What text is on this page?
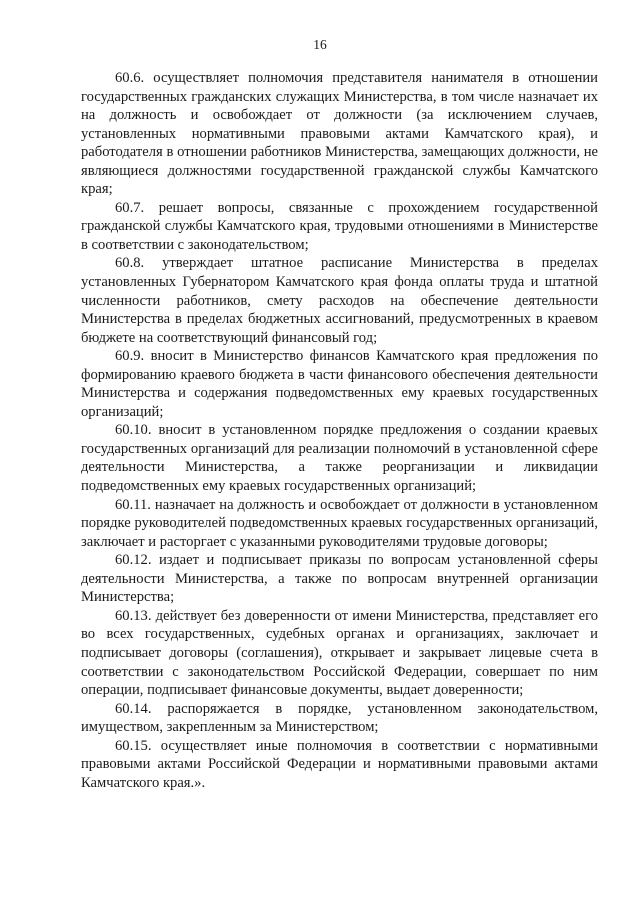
16

60.6. осуществляет полномочия представителя нанимателя в отношении государственных гражданских служащих Министерства, в том числе назначает их на должность и освобождает от должности (за исключением случаев, установленных нормативными правовыми актами Камчатского края), и работодателя в отношении работников Министерства, замещающих должности, не являющиеся должностями государственной гражданской службы Камчатского края;

60.7. решает вопросы, связанные с прохождением государственной гражданской службы Камчатского края, трудовыми отношениями в Министерстве в соответствии с законодательством;

60.8. утверждает штатное расписание Министерства в пределах установленных Губернатором Камчатского края фонда оплаты труда и штатной численности работников, смету расходов на обеспечение деятельности Министерства в пределах бюджетных ассигнований, предусмотренных в краевом бюджете на соответствующий финансовый год;

60.9. вносит в Министерство финансов Камчатского края предложения по формированию краевого бюджета в части финансового обеспечения деятельности Министерства и содержания подведомственных ему краевых государственных организаций;

60.10. вносит в установленном порядке предложения о создании краевых государственных организаций для реализации полномочий в установленной сфере деятельности Министерства, а также реорганизации и ликвидации подведомственных ему краевых государственных организаций;

60.11. назначает на должность и освобождает от должности в установленном порядке руководителей подведомственных краевых государственных организаций, заключает и расторгает с указанными руководителями трудовые договоры;

60.12. издает и подписывает приказы по вопросам установленной сферы деятельности Министерства, а также по вопросам внутренней организации Министерства;

60.13. действует без доверенности от имени Министерства, представляет его во всех государственных, судебных органах и организациях, заключает и подписывает договоры (соглашения), открывает и закрывает лицевые счета в соответствии с законодательством Российской Федерации, совершает по ним операции, подписывает финансовые документы, выдает доверенности;

60.14. распоряжается в порядке, установленном законодательством, имуществом, закрепленным за Министерством;

60.15. осуществляет иные полномочия в соответствии с нормативными правовыми актами Российской Федерации и нормативными правовыми актами Камчатского края.».
